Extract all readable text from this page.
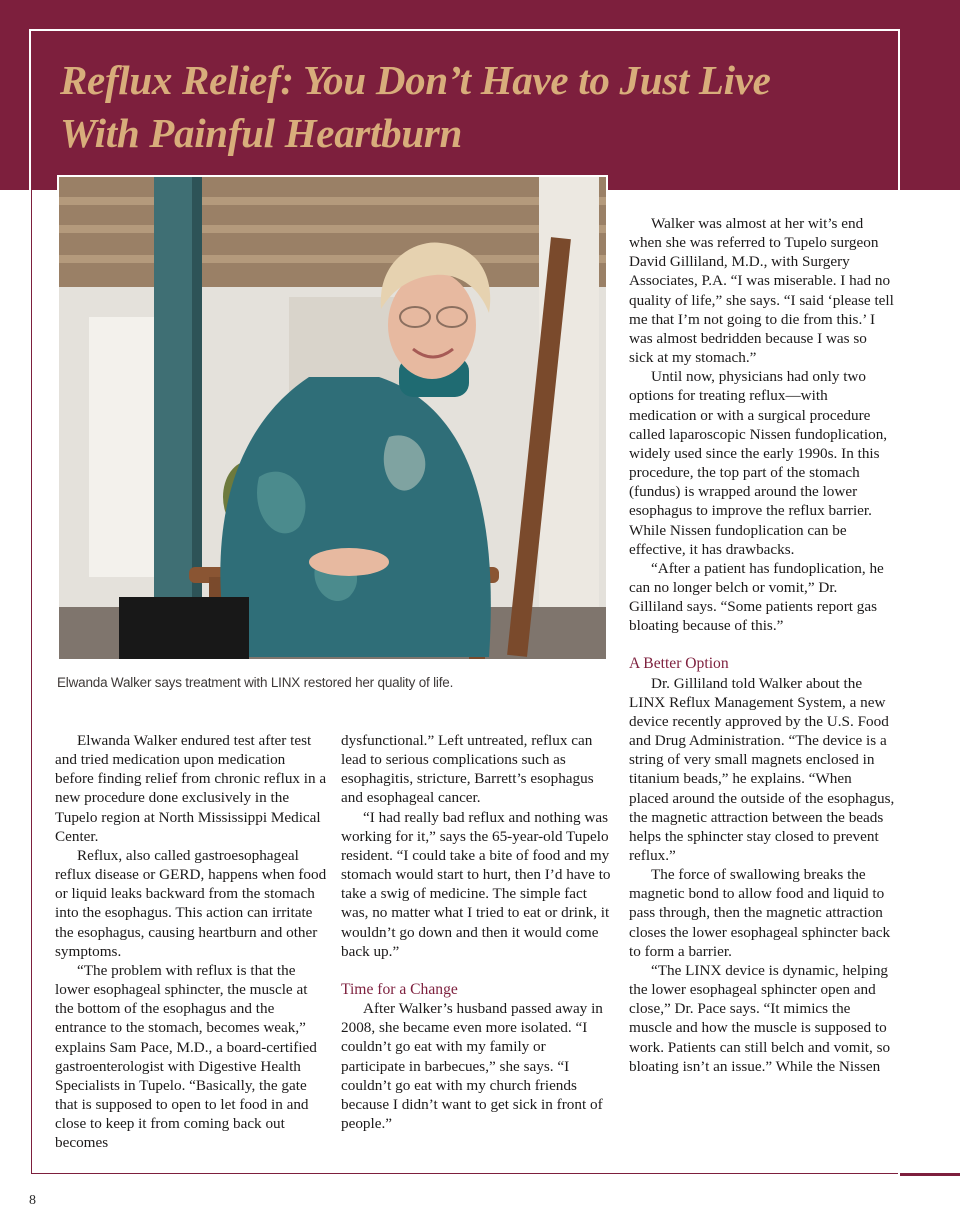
Reflux Relief: You Don’t Have to Just Live
With Painful Heartburn
Elwanda Walker says treatment with LINX restored her quality of life.

Elwanda Walker endured test after test and tried medication upon medication before finding relief from chronic reflux in a new procedure done exclusively in the Tupelo region at North Mississippi Medical Center.

Reflux, also called gastroesophageal reflux disease or GERD, happens when food or liquid leaks backward from the stomach into the esophagus. This action can irritate the esophagus, causing heartburn and other symptoms.

“The problem with reflux is that the lower esophageal sphincter, the muscle at the bottom of the esophagus and the entrance to the stomach, becomes weak,” explains Sam Pace, M.D., a board-certified gastroenterologist with Digestive Health Specialists in Tupelo. “Basically, the gate that is supposed to open to let food in and close to keep it from coming back out becomes

dysfunctional.” Left untreated, reflux can lead to serious complications such as esophagitis, stricture, Barrett’s esophagus and esophageal cancer.

“I had really bad reflux and nothing was working for it,” says the 65-year-old Tupelo resident. “I could take a bite of food and my stomach would start to hurt, then I’d have to take a swig of medicine. The simple fact was, no matter what I tried to eat or drink, it wouldn’t go down and then it would come back up.”

Time for a Change

After Walker’s husband passed away in 2008, she became even more isolated. “I couldn’t go eat with my family or participate in barbecues,” she says. “I couldn’t go eat with my church friends because I didn’t want to get sick in front of people.”

Walker was almost at her wit’s end when she was referred to Tupelo surgeon David Gilliland, M.D., with Surgery Associates, P.A. “I was miserable. I had no quality of life,” she says. “I said ‘please tell me that I’m not going to die from this.’ I was almost bedridden because I was so sick at my stomach.”

Until now, physicians had only two options for treating reflux—with medication or with a surgical procedure called laparoscopic Nissen fundoplication, widely used since the early 1990s. In this procedure, the top part of the stomach (fundus) is wrapped around the lower esophagus to improve the reflux barrier. While Nissen fundoplication can be effective, it has drawbacks.

“After a patient has fundoplication, he can no longer belch or vomit,” Dr. Gilliland says. “Some patients report gas bloating because of this.”

A Better Option

Dr. Gilliland told Walker about the LINX Reflux Management System, a new device recently approved by the U.S. Food and Drug Administration. “The device is a string of very small magnets enclosed in titanium beads,” he explains. “When placed around the outside of the esophagus, the magnetic attraction between the beads helps the sphincter stay closed to prevent reflux.”

The force of swallowing breaks the magnetic bond to allow food and liquid to pass through, then the magnetic attraction closes the lower esophageal sphincter back to form a barrier.

“The LINX device is dynamic, helping the lower esophageal sphincter open and close,” Dr. Pace says. “It mimics the muscle and how the muscle is supposed to work. Patients can still belch and vomit, so bloating isn’t an issue.” While the Nissen

8
